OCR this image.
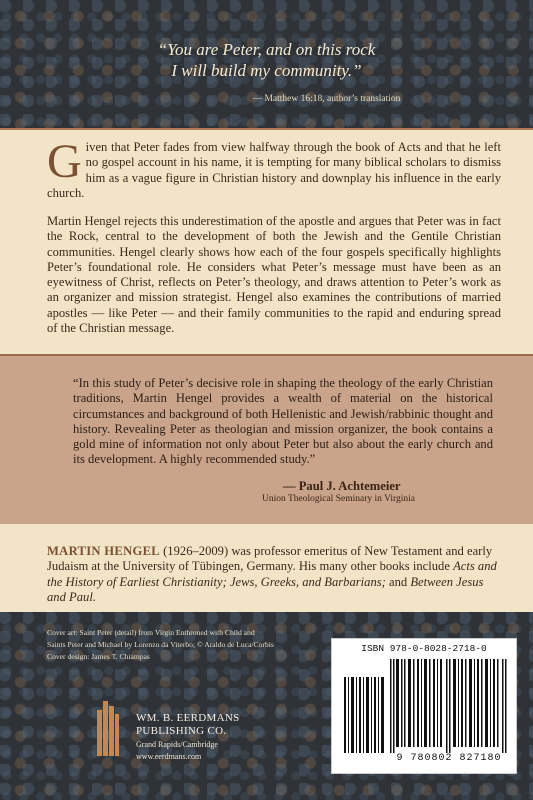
“You are Peter, and on this rock
I will build my community.”
— Matthew 16:18, author’s translation

Given that Peter fades from view halfway through the book of Acts and that he left no gospel account in his name, it is tempting for many biblical scholars to dismiss him as a vague figure in Christian history and downplay his influence in the early church.

Martin Hengel rejects this underestimation of the apostle and argues that Peter was in fact the Rock, central to the development of both the Jewish and the Gentile Christian communities. Hengel clearly shows how each of the four gospels specifically highlights Peter’s foundational role. He considers what Peter’s message must have been as an eyewitness of Christ, reflects on Peter’s theology, and draws attention to Peter’s work as an organizer and mission strategist. Hengel also examines the contributions of married apostles — like Peter — and their family communities to the rapid and enduring spread of the Christian message.

“In this study of Peter’s decisive role in shaping the theology of the early Christian traditions, Martin Hengel provides a wealth of material on the historical circumstances and background of both Hellenistic and Jewish/rabbinic thought and history. Revealing Peter as theologian and mission organizer, the book contains a gold mine of information not only about Peter but also about the early church and its development. A highly recommended study.”

— Paul J. Achtemeier
Union Theological Seminary in Virginia

MARTIN HENGEL (1926–2009) was professor emeritus of New Testament and early Judaism at the University of Tübingen, Germany. His many other books include Acts and the History of Earliest Christianity; Jews, Greeks, and Barbarians; and Between Jesus and Paul.

Cover art: Saint Peter (detail) from Virgin Enthroned with Child and
Saints Peter and Michael by Lorenzo da Viterbo; © Araldo de Luca/Corbis
Cover design: James T. Chiampas
ISBN 978-0-8028-2718-0
9 780802 827180
WM. B. EERDMANS
PUBLISHING CO.
Grand Rapids/Cambridge
www.eerdmans.com
